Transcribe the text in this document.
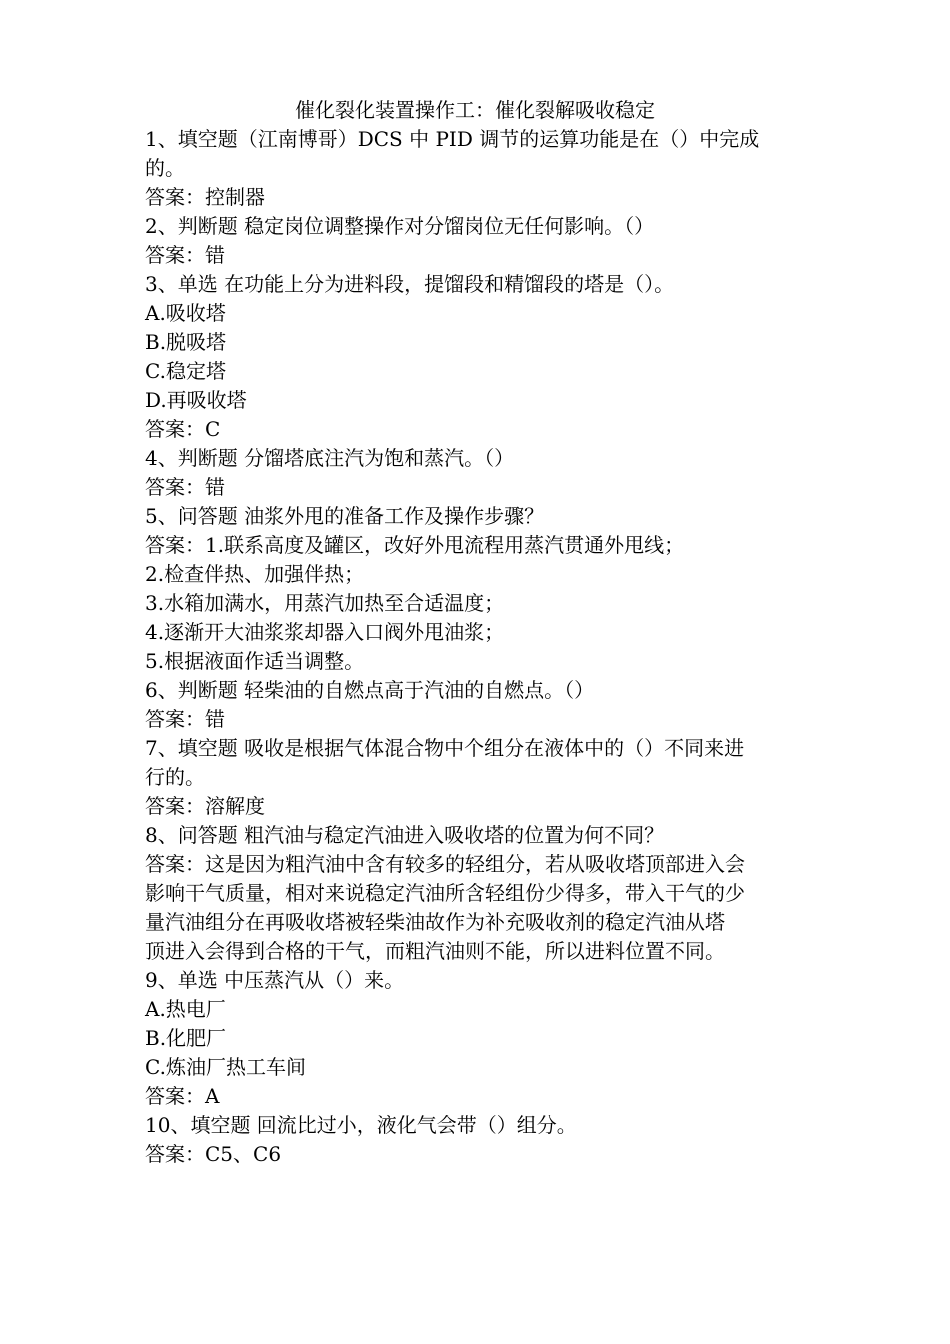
催化裂化装置操作工：催化裂解吸收稳定
1、填空题（江南博哥）DCS 中 PID 调节的运算功能是在（）中完成
的。
答案：控制器
2、判断题 稳定岗位调整操作对分馏岗位无任何影响。（）
答案：错
3、单选 在功能上分为进料段，提馏段和精馏段的塔是（）。
A.吸收塔
B.脱吸塔
C.稳定塔
D.再吸收塔
答案：C
4、判断题 分馏塔底注汽为饱和蒸汽。（）
答案：错
5、问答题 油浆外甩的准备工作及操作步骤？
答案：1.联系高度及罐区，改好外甩流程用蒸汽贯通外甩线；
2.检查伴热、加强伴热；
3.水箱加满水，用蒸汽加热至合适温度；
4.逐渐开大油浆浆却器入口阀外甩油浆；
5.根据液面作适当调整。
6、判断题 轻柴油的自燃点高于汽油的自燃点。（）
答案：错
7、填空题 吸收是根据气体混合物中个组分在液体中的（）不同来进
行的。
答案：溶解度
8、问答题 粗汽油与稳定汽油进入吸收塔的位置为何不同？
答案：这是因为粗汽油中含有较多的轻组分，若从吸收塔顶部进入会
影响干气质量，相对来说稳定汽油所含轻组份少得多，带入干气的少
量汽油组分在再吸收塔被轻柴油故作为补充吸收剂的稳定汽油从塔
顶进入会得到合格的干气，而粗汽油则不能，所以进料位置不同。
9、单选 中压蒸汽从（）来。
A.热电厂
B.化肥厂
C.炼油厂热工车间
答案：A
10、填空题 回流比过小，液化气会带（）组分。
答案：C5、C6
